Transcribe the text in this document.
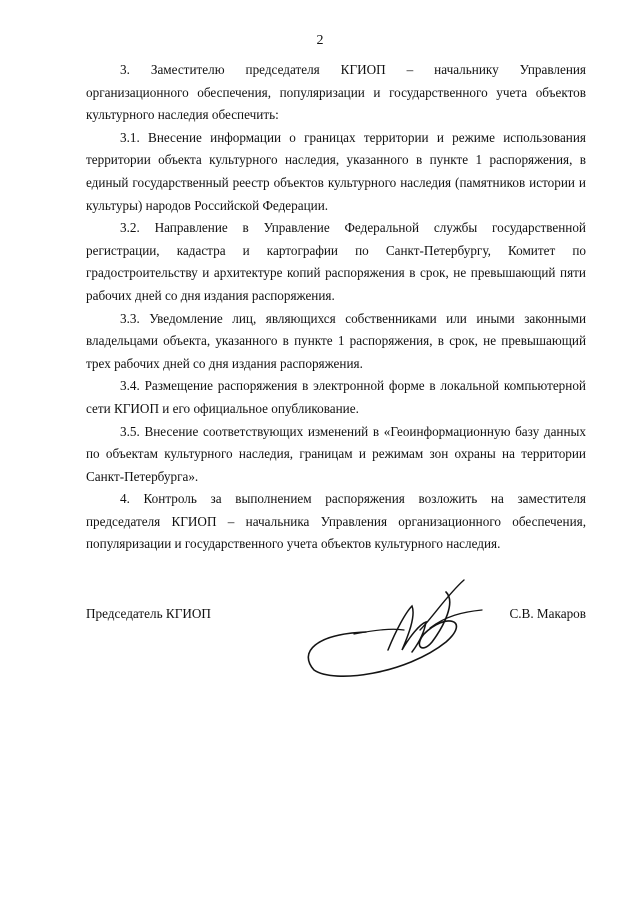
2

3. Заместителю председателя КГИОП – начальнику Управления организационного обеспечения, популяризации и государственного учета объектов культурного наследия обеспечить:

3.1. Внесение информации о границах территории и режиме использования территории объекта культурного наследия, указанного в пункте 1 распоряжения, в единый государственный реестр объектов культурного наследия (памятников истории и культуры) народов Российской Федерации.

3.2. Направление в Управление Федеральной службы государственной регистрации, кадастра и картографии по Санкт-Петербургу, Комитет по градостроительству и архитектуре копий распоряжения в срок, не превышающий пяти рабочих дней со дня издания распоряжения.

3.3. Уведомление лиц, являющихся собственниками или иными законными владельцами объекта, указанного в пункте 1 распоряжения, в срок, не превышающий трех рабочих дней со дня издания распоряжения.

3.4. Размещение распоряжения в электронной форме в локальной компьютерной сети КГИОП и его официальное опубликование.

3.5. Внесение соответствующих изменений в «Геоинформационную базу данных по объектам культурного наследия, границам и режимам зон охраны на территории Санкт-Петербурга».

4. Контроль за выполнением распоряжения возложить на заместителя председателя КГИОП – начальника Управления организационного обеспечения, популяризации и государственного учета объектов культурного наследия.

Председатель КГИОП	С.В. Макаров
